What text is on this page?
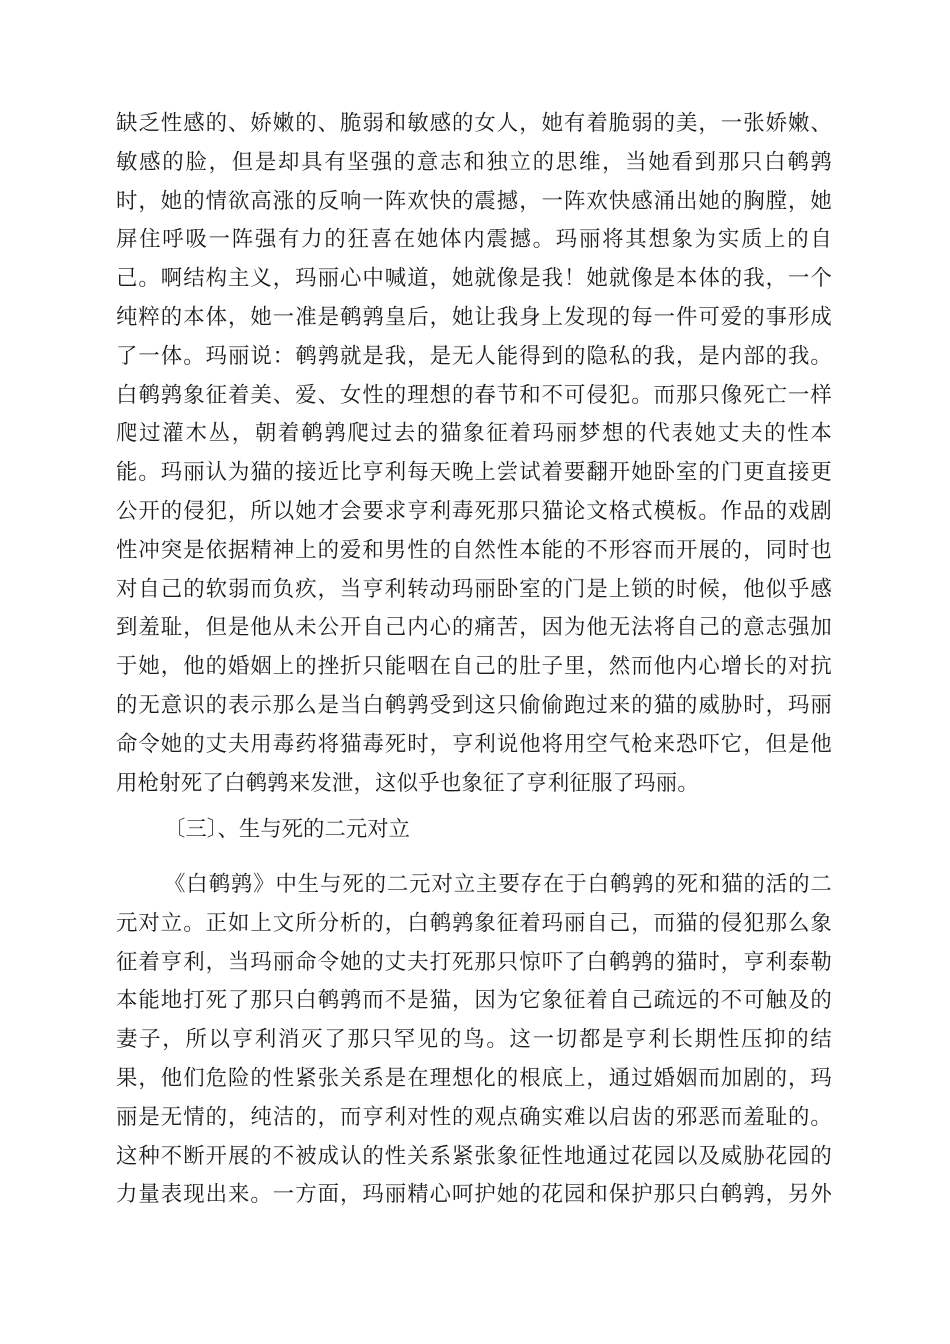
缺乏性感的、娇嫩的、脆弱和敏感的女人，她有着脆弱的美，一张娇嫩、
敏感的脸，但是却具有坚强的意志和独立的思维，当她看到那只白鹌鹑
时，她的情欲高涨的反响一阵欢快的震撼，一阵欢快感涌出她的胸膛，她
屏住呼吸一阵强有力的狂喜在她体内震撼。玛丽将其想象为实质上的自
己。啊结构主义，玛丽心中喊道，她就像是我！她就像是本体的我，一个
纯粹的本体，她一准是鹌鹑皇后，她让我身上发现的每一件可爱的事形成
了一体。玛丽说：鹌鹑就是我，是无人能得到的隐私的我，是内部的我。
白鹌鹑象征着美、爱、女性的理想的春节和不可侵犯。而那只像死亡一样
爬过灌木丛，朝着鹌鹑爬过去的猫象征着玛丽梦想的代表她丈夫的性本
能。玛丽认为猫的接近比亨利每天晚上尝试着要翻开她卧室的门更直接更
公开的侵犯，所以她才会要求亨利毒死那只猫论文格式模板。作品的戏剧
性冲突是依据精神上的爱和男性的自然性本能的不形容而开展的，同时也
对自己的软弱而负疚，当亨利转动玛丽卧室的门是上锁的时候，他似乎感
到羞耻，但是他从未公开自己内心的痛苦，因为他无法将自己的意志强加
于她，他的婚姻上的挫折只能咽在自己的肚子里，然而他内心增长的对抗
的无意识的表示那么是当白鹌鹑受到这只偷偷跑过来的猫的威胁时，玛丽
命令她的丈夫用毒药将猫毒死时，亨利说他将用空气枪来恐吓它，但是他
用枪射死了白鹌鹑来发泄，这似乎也象征了亨利征服了玛丽。
〔三〕、生与死的二元对立
《白鹌鹑》中生与死的二元对立主要存在于白鹌鹑的死和猫的活的二
元对立。正如上文所分析的，白鹌鹑象征着玛丽自己，而猫的侵犯那么象
征着亨利，当玛丽命令她的丈夫打死那只惊吓了白鹌鹑的猫时，亨利泰勒
本能地打死了那只白鹌鹑而不是猫，因为它象征着自己疏远的不可触及的
妻子，所以亨利消灭了那只罕见的鸟。这一切都是亨利长期性压抑的结
果，他们危险的性紧张关系是在理想化的根底上，通过婚姻而加剧的，玛
丽是无情的，纯洁的，而亨利对性的观点确实难以启齿的邪恶而羞耻的。
这种不断开展的不被成认的性关系紧张象征性地通过花园以及威胁花园的
力量表现出来。一方面，玛丽精心呵护她的花园和保护那只白鹌鹑，另外
